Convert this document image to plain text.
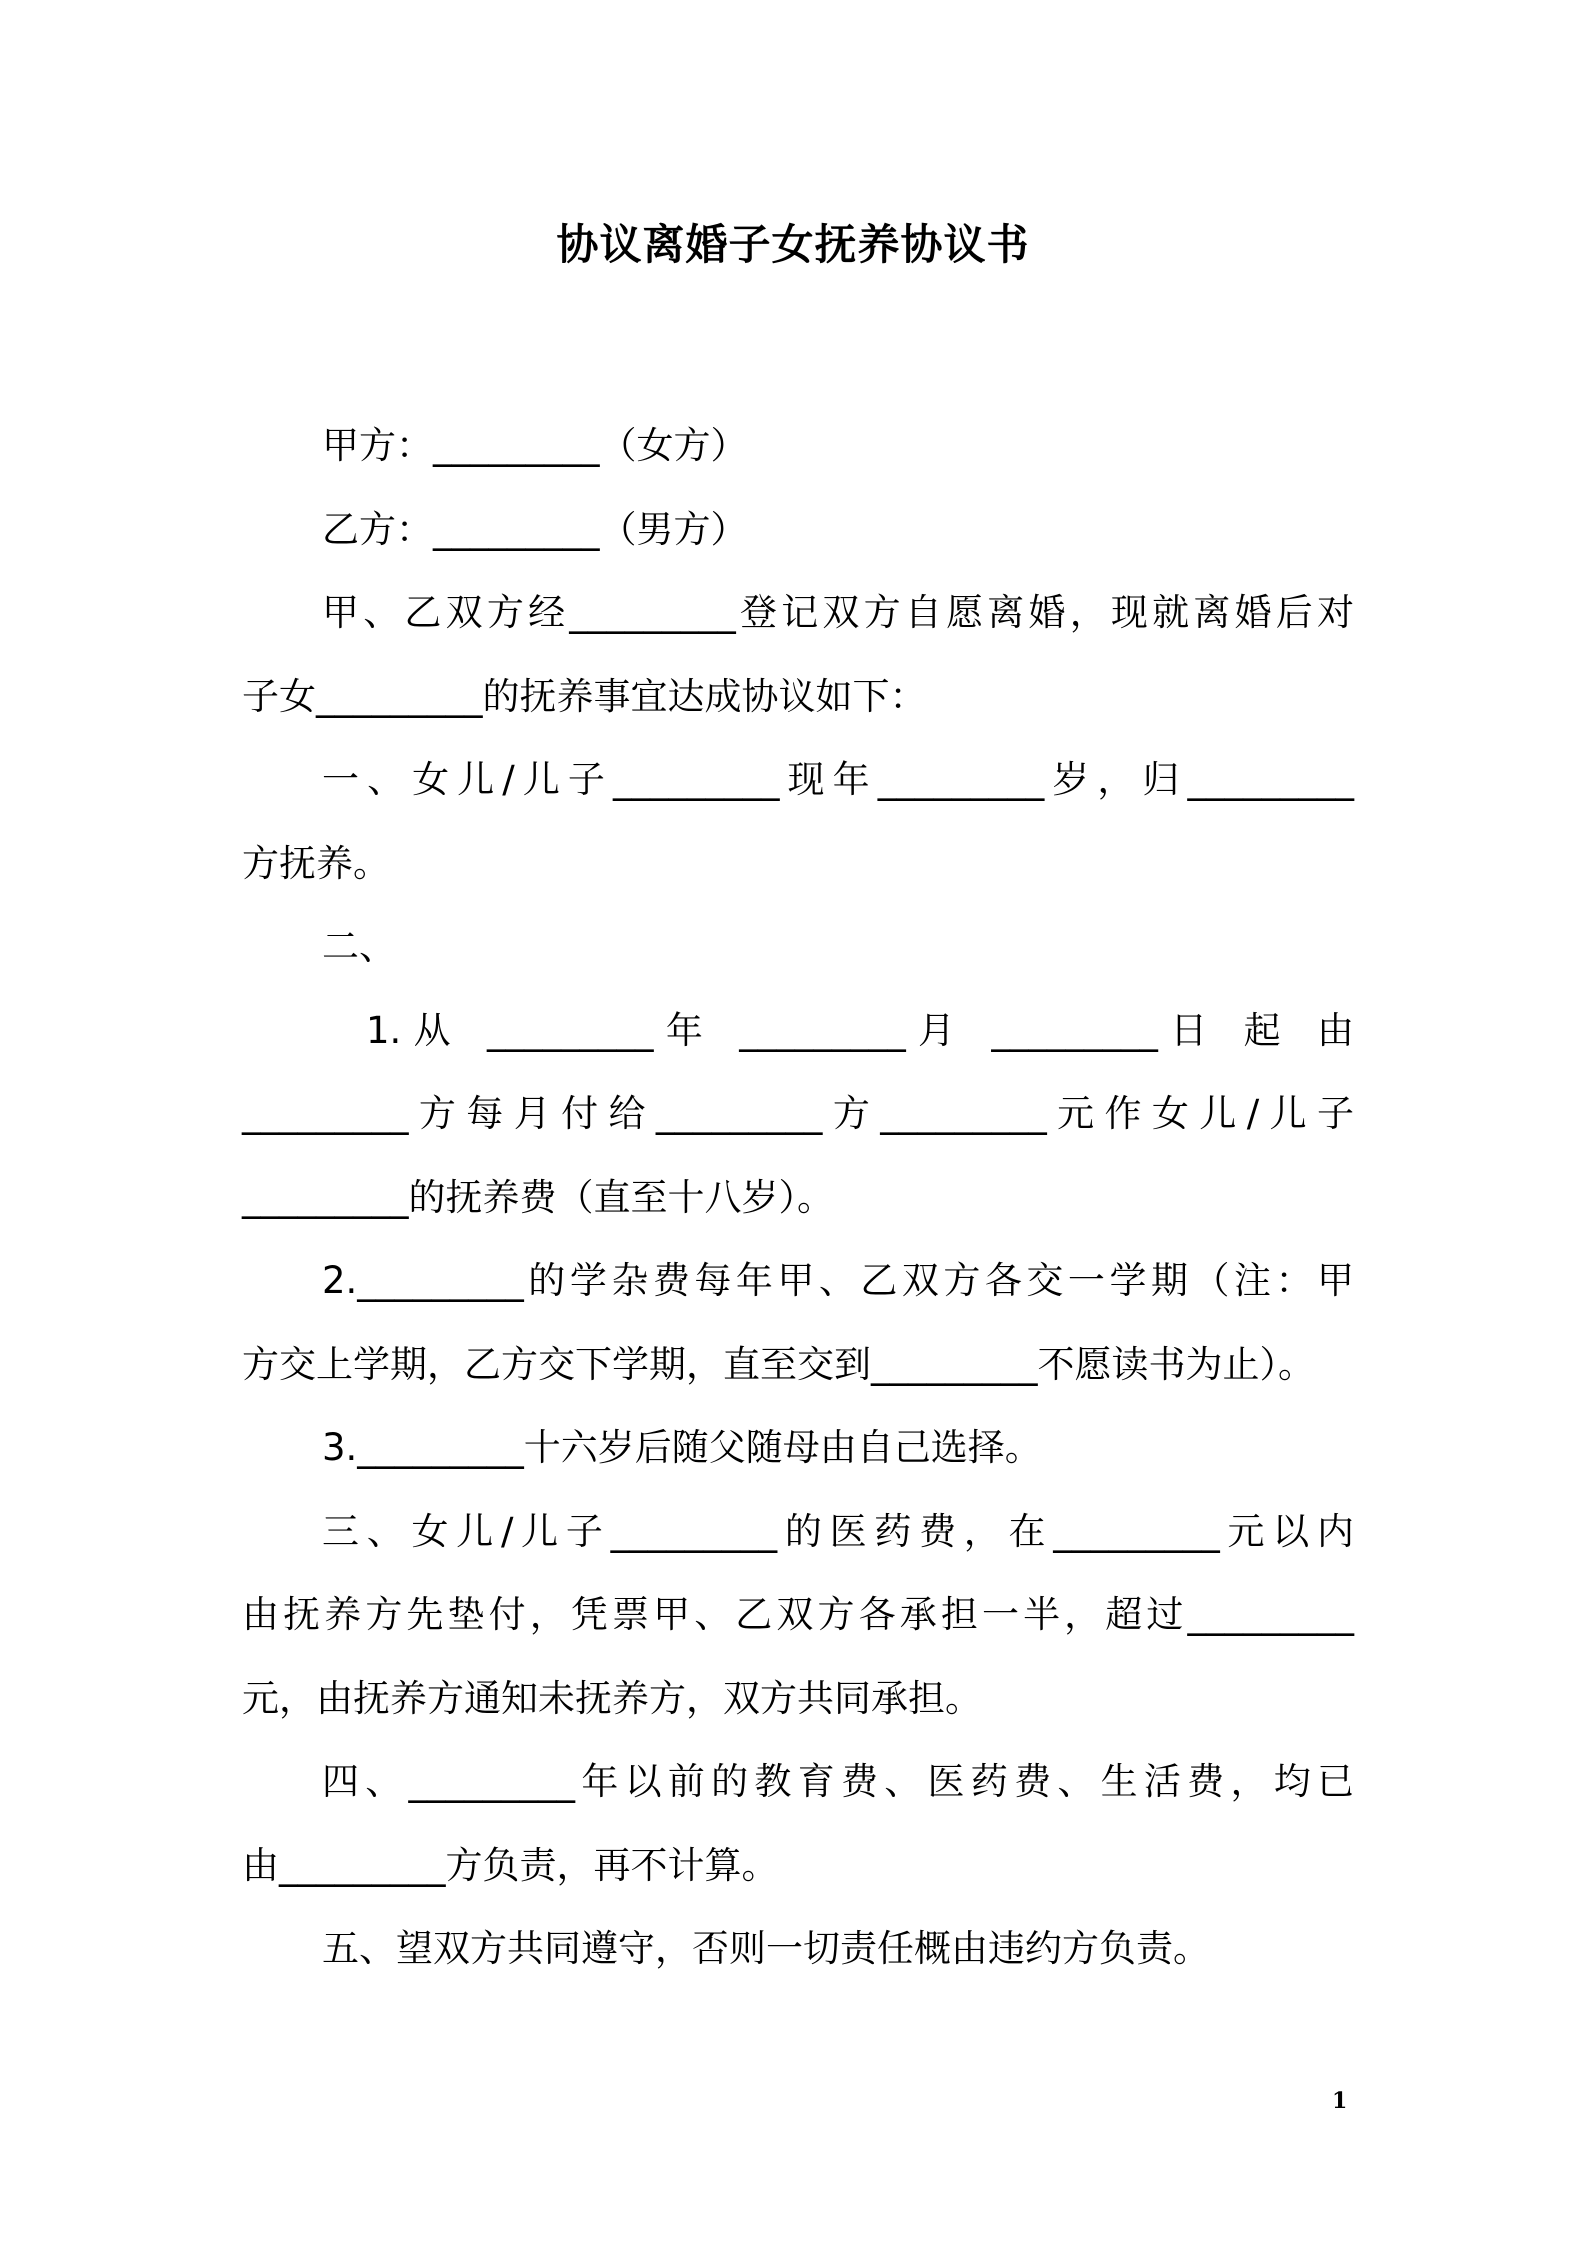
协议离婚子女抚养协议书
甲方：_________（女方）
乙方：_________（男方）
甲、乙双方经_________登记双方自愿离婚，现就离婚后对
子女_________的抚养事宜达成协议如下：
一、女儿/儿子_________现年_________岁，归_________
方抚养。
二、
1.从 _________年 _________月 _________日 起 由
_________方每月付给_________方_________元作女儿/儿子
_________的抚养费（直至十八岁）。
2._________的学杂费每年甲、乙双方各交一学期（注：甲
方交上学期，乙方交下学期，直至交到_________不愿读书为止）。
3._________十六岁后随父随母由自己选择。
三、女儿/儿子_________的医药费，在_________元以内
由抚养方先垫付，凭票甲、乙双方各承担一半，超过_________
元，由抚养方通知未抚养方，双方共同承担。
四、_________年以前的教育费、医药费、生活费，均已
由_________方负责，再不计算。
五、望双方共同遵守，否则一切责任概由违约方负责。
1
